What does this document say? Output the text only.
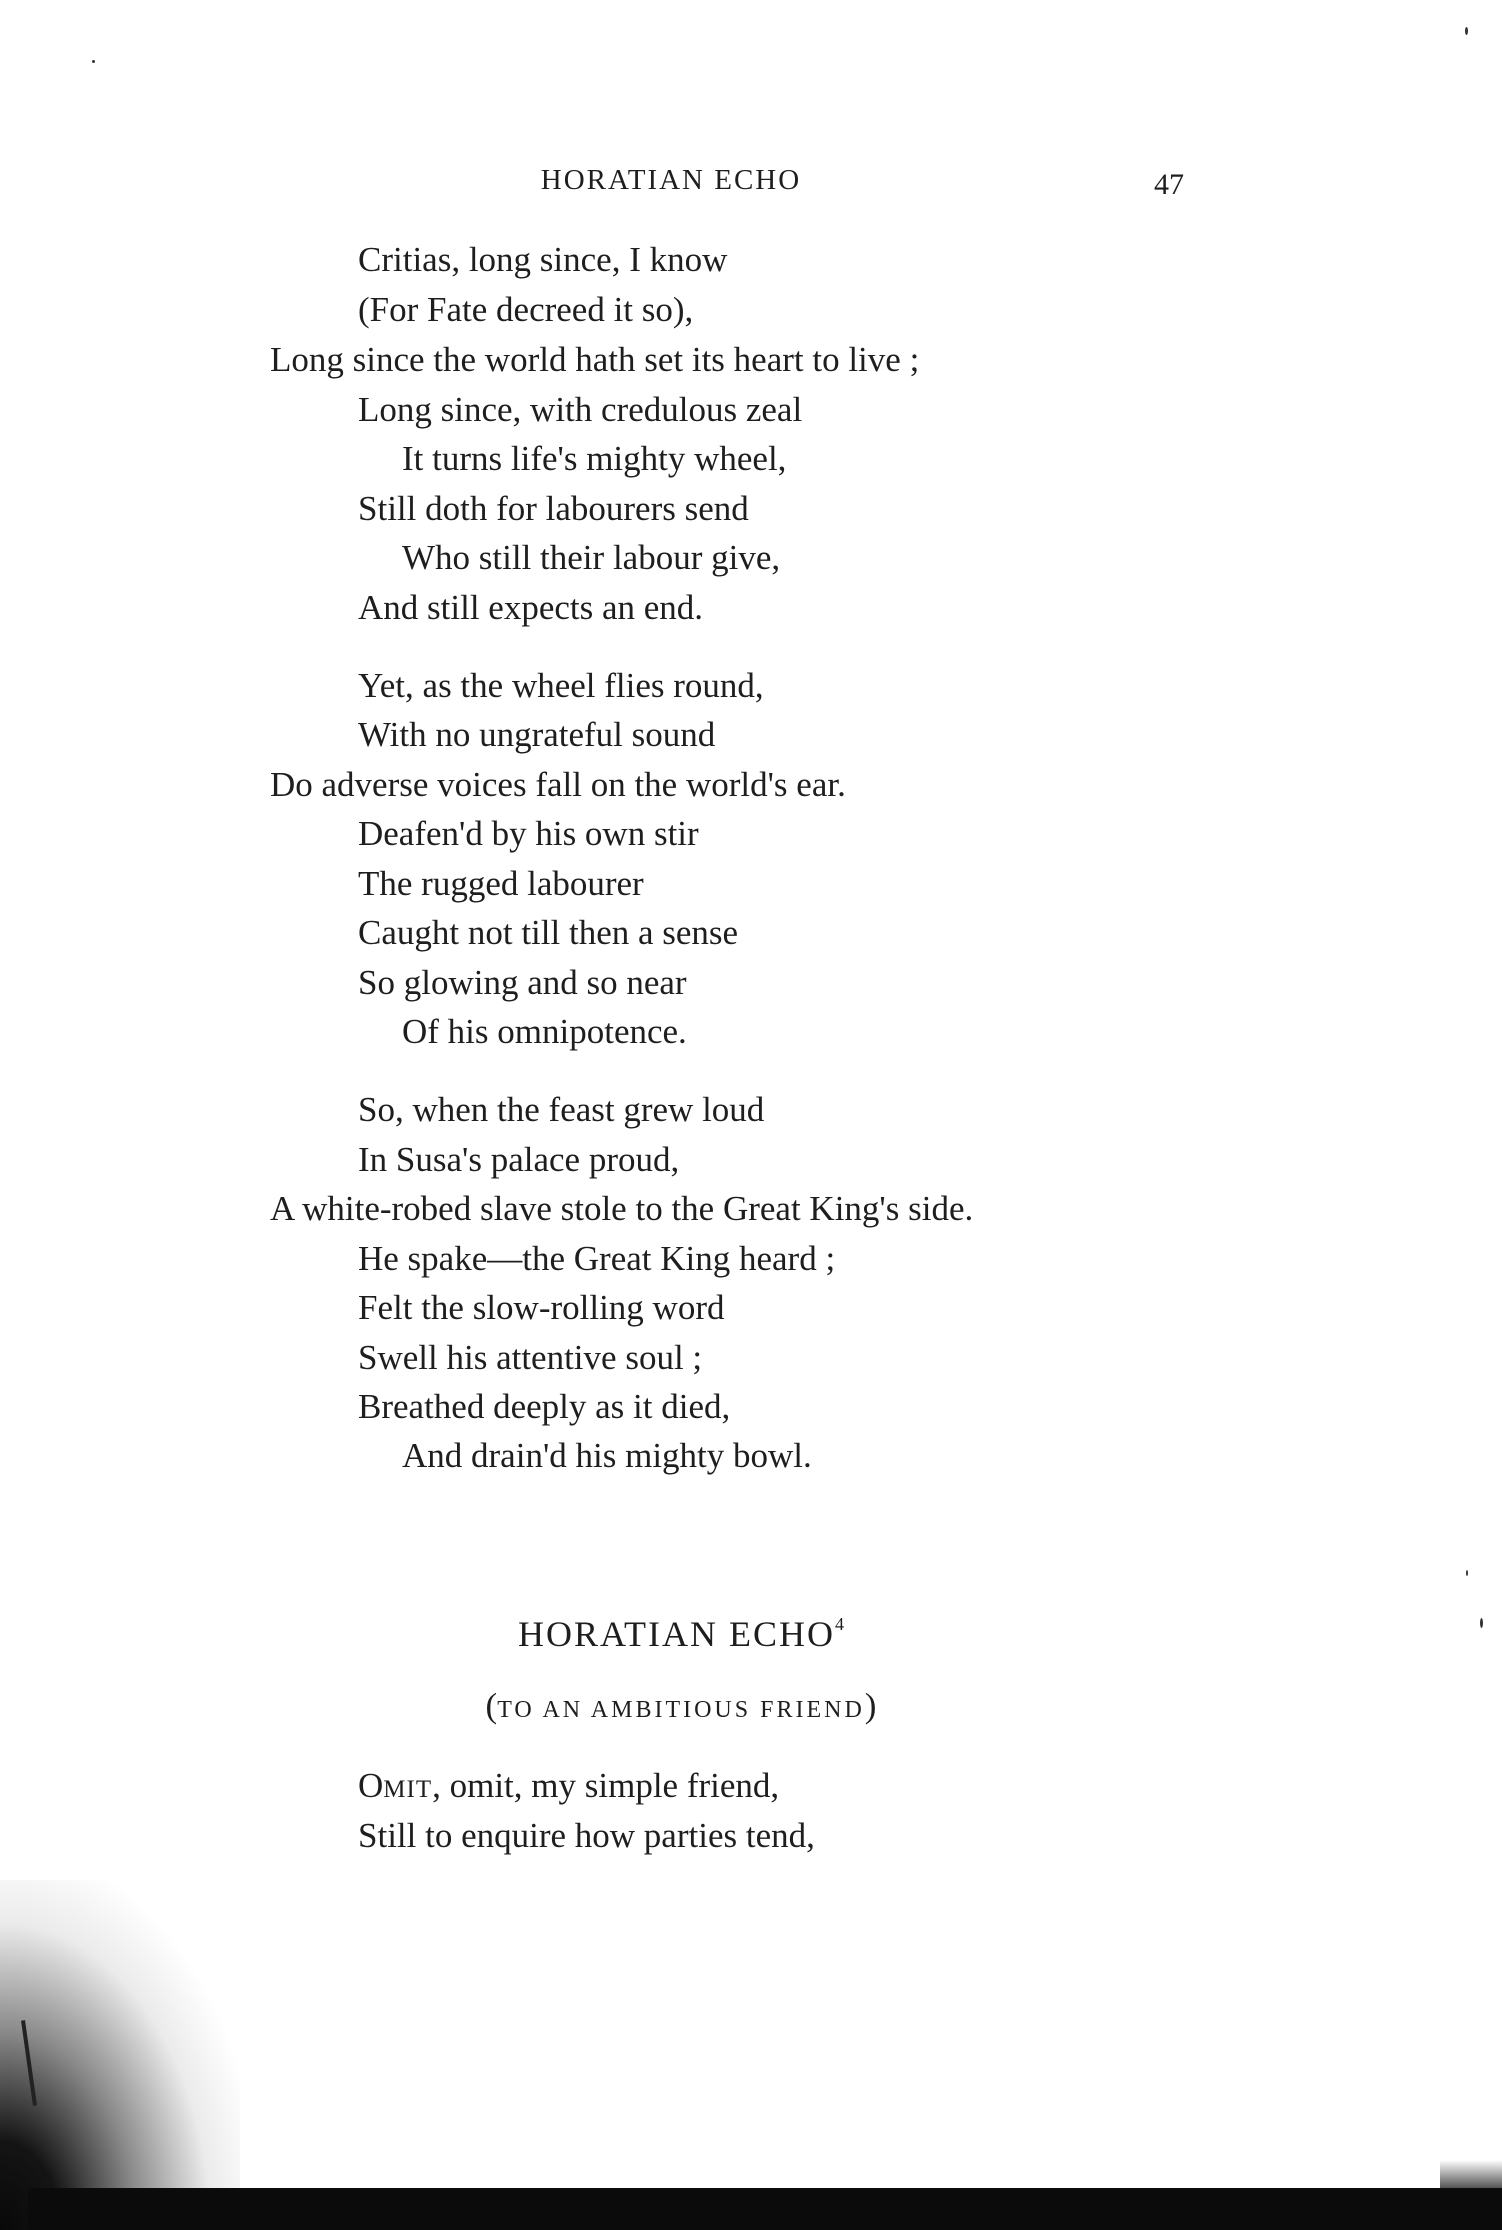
HORATIAN ECHO	47
Critias, long since, I know
(For Fate decreed it so),
Long since the world hath set its heart to live ;
Long since, with credulous zeal
It turns life's mighty wheel,
Still doth for labourers send
Who still their labour give,
And still expects an end.
Yet, as the wheel flies round,
With no ungrateful sound
Do adverse voices fall on the world's ear.
Deafen'd by his own stir
The rugged labourer
Caught not till then a sense
So glowing and so near
Of his omnipotence.
So, when the feast grew loud
In Susa's palace proud,
A white-robed slave stole to the Great King's side.
He spake—the Great King heard ;
Felt the slow-rolling word
Swell his attentive soul ;
Breathed deeply as it died,
And drain'd his mighty bowl.
HORATIAN ECHO$^4$
(TO AN AMBITIOUS FRIEND)
OMIT, omit, my simple friend,
Still to enquire how parties tend,
